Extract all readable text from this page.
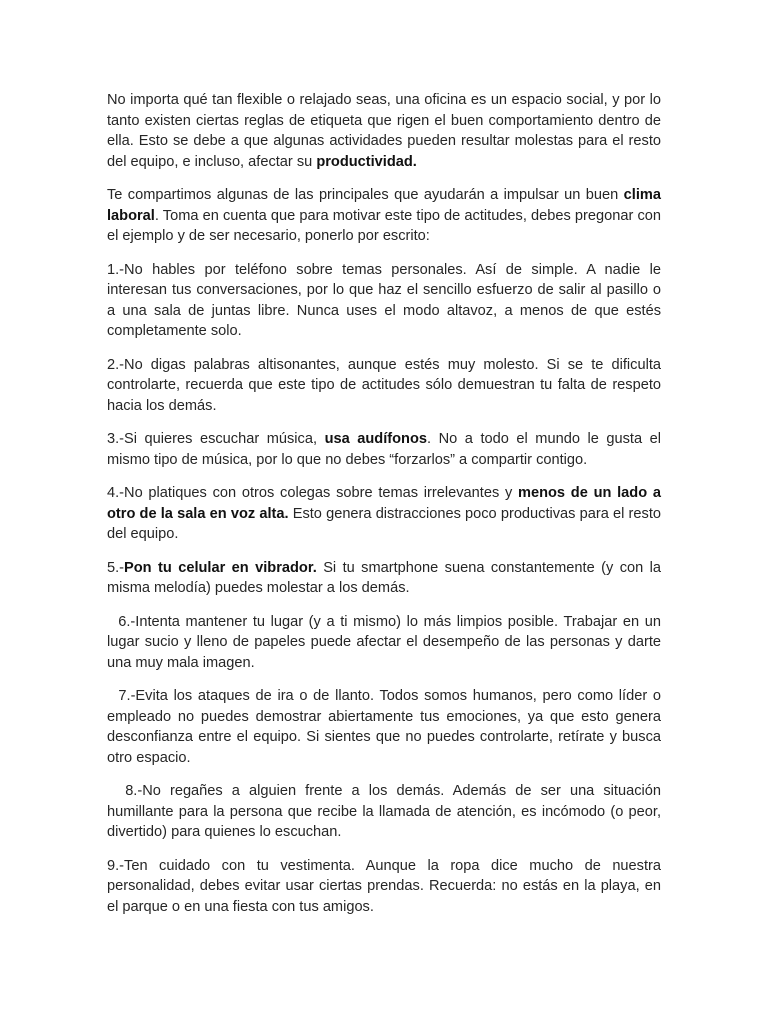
No importa qué tan flexible o relajado seas, una oficina es un espacio social, y por lo tanto existen ciertas reglas de etiqueta que rigen el buen comportamiento dentro de ella. Esto se debe a que algunas actividades pueden resultar molestas para el resto del equipo, e incluso, afectar su productividad.

Te compartimos algunas de las principales que ayudarán a impulsar un buen clima laboral. Toma en cuenta que para motivar este tipo de actitudes, debes pregonar con el ejemplo y de ser necesario, ponerlo por escrito:

1.-No hables por teléfono sobre temas personales. Así de simple. A nadie le interesan tus conversaciones, por lo que haz el sencillo esfuerzo de salir al pasillo o a una sala de juntas libre. Nunca uses el modo altavoz, a menos de que estés completamente solo.

2.-No digas palabras altisonantes, aunque estés muy molesto. Si se te dificulta controlarte, recuerda que este tipo de actitudes sólo demuestran tu falta de respeto hacia los demás.

3.-Si quieres escuchar música, usa audífonos. No a todo el mundo le gusta el mismo tipo de música, por lo que no debes “forzarlos” a compartir contigo.

4.-No platiques con otros colegas sobre temas irrelevantes y menos de un lado a otro de la sala en voz alta. Esto genera distracciones poco productivas para el resto del equipo.

5.-Pon tu celular en vibrador. Si tu smartphone suena constantemente (y con la misma melodía) puedes molestar a los demás.

6.-Intenta mantener tu lugar (y a ti mismo) lo más limpios posible. Trabajar en un lugar sucio y lleno de papeles puede afectar el desempeño de las personas y darte una muy mala imagen.

7.-Evita los ataques de ira o de llanto. Todos somos humanos, pero como líder o empleado no puedes demostrar abiertamente tus emociones, ya que esto genera desconfianza entre el equipo. Si sientes que no puedes controlarte, retírate y busca otro espacio.

8.-No regañes a alguien frente a los demás. Además de ser una situación humillante para la persona que recibe la llamada de atención, es incómodo (o peor, divertido) para quienes lo escuchan.

9.-Ten cuidado con tu vestimenta. Aunque la ropa dice mucho de nuestra personalidad, debes evitar usar ciertas prendas. Recuerda: no estás en la playa, en el parque o en una fiesta con tus amigos.
